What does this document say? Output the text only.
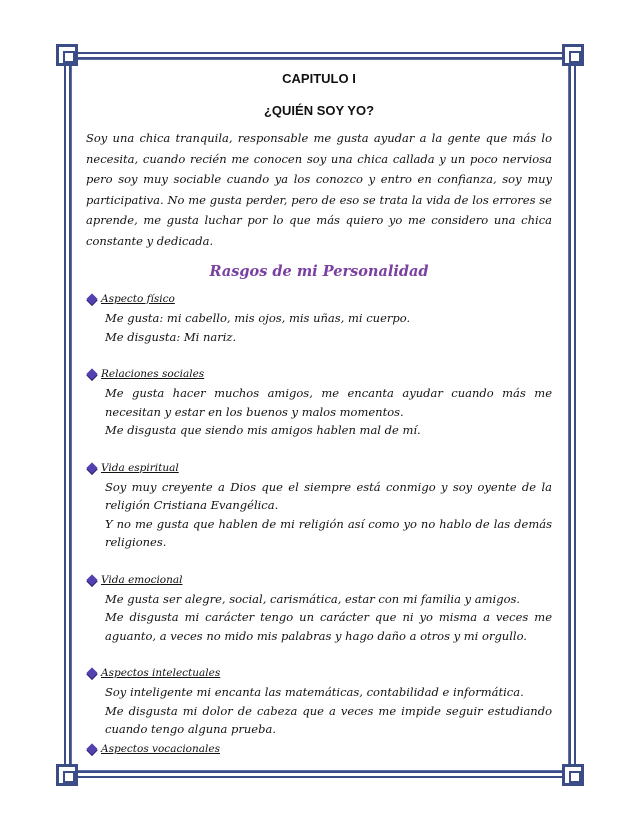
CAPITULO I
¿QUIÉN SOY YO?

Soy una chica tranquila, responsable me gusta ayudar a la gente que más lo necesita, cuando recién me conocen soy una chica callada y un poco nerviosa pero soy muy sociable cuando ya los conozco y entro en confianza, soy muy participativa. No me gusta perder, pero de eso se trata la vida de los errores se aprende, me gusta luchar por lo que más quiero yo me considero una chica constante y dedicada.

Rasgos de mi Personalidad
Aspecto físico

Me gusta: mi cabello, mis ojos, mis uñas, mi cuerpo.

Me disgusta: Mi nariz.

Relaciones sociales

Me gusta hacer muchos amigos, me encanta ayudar cuando más me necesitan y estar en los buenos y malos momentos.

Me disgusta que siendo mis amigos hablen mal de mí.

Vida espiritual

Soy muy creyente a Dios que el siempre está conmigo y soy oyente de la religión Cristiana Evangélica.

Y no me gusta que hablen de mi religión así como yo no hablo de las demás religiones.

Vida emocional

Me gusta ser alegre, social, carismática, estar con mi familia y amigos.

Me disgusta mi carácter tengo un carácter que ni yo misma a veces me aguanto, a veces no mido mis palabras y hago daño a otros y mi orgullo.

Aspectos intelectuales

Soy inteligente mi encanta las matemáticas, contabilidad e informática.

Me disgusta mi dolor de cabeza que a veces me impide seguir estudiando cuando tengo alguna prueba.

Aspectos vocacionales
